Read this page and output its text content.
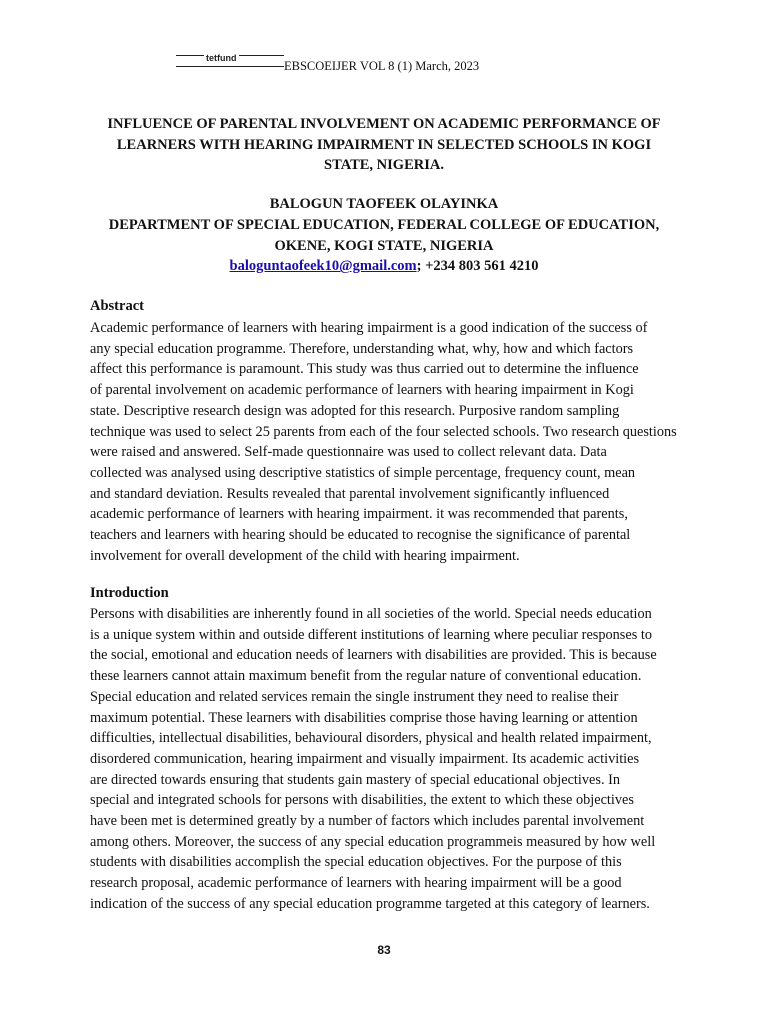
tetfund
EBSCOEIJER VOL 8 (1) March, 2023
INFLUENCE OF PARENTAL INVOLVEMENT ON ACADEMIC PERFORMANCE OF
LEARNERS WITH HEARING IMPAIRMENT IN SELECTED SCHOOLS IN KOGI
STATE, NIGERIA.
BALOGUN TAOFEEK OLAYINKA
DEPARTMENT OF SPECIAL EDUCATION, FEDERAL COLLEGE OF EDUCATION,
OKENE, KOGI STATE, NIGERIA
baloguntaofeek10@gmail.com; +234 803 561 4210
Abstract
Academic performance of learners with hearing impairment is a good indication of the success of
any special education programme. Therefore, understanding what, why, how and which factors
affect this performance is paramount. This study was thus carried out to determine the influence
of parental involvement on academic performance of learners with hearing impairment in Kogi
state. Descriptive research design was adopted for this research. Purposive random sampling
technique was used to select 25 parents from each of the four selected schools. Two research questions
were raised and answered. Self-made questionnaire was used to collect relevant data. Data
collected was analysed using descriptive statistics of simple percentage, frequency count, mean
and standard deviation. Results revealed that parental involvement significantly influenced
academic performance of learners with hearing impairment. it was recommended that parents,
teachers and learners with hearing should be educated to recognise the significance of parental
involvement for overall development of the child with hearing impairment.
Introduction
Persons with disabilities are inherently found in all societies of the world. Special needs education
is a unique system within and outside different institutions of learning where peculiar responses to
the social, emotional and education needs of learners with disabilities are provided. This is because
these learners cannot attain maximum benefit from the regular nature of conventional education.
Special education and related services remain the single instrument they need to realise their
maximum potential. These learners with disabilities comprise those having learning or attention
difficulties, intellectual disabilities, behavioural disorders, physical and health related impairment,
disordered communication, hearing impairment and visually impairment. Its academic activities
are directed towards ensuring that students gain mastery of special educational objectives. In
special and integrated schools for persons with disabilities, the extent to which these objectives
have been met is determined greatly by a number of factors which includes parental involvement
among others. Moreover, the success of any special education programmeis measured by how well
students with disabilities accomplish the special education objectives. For the purpose of this
research proposal, academic performance of learners with hearing impairment will be a good
indication of the success of any special education programme targeted at this category of learners.
83
